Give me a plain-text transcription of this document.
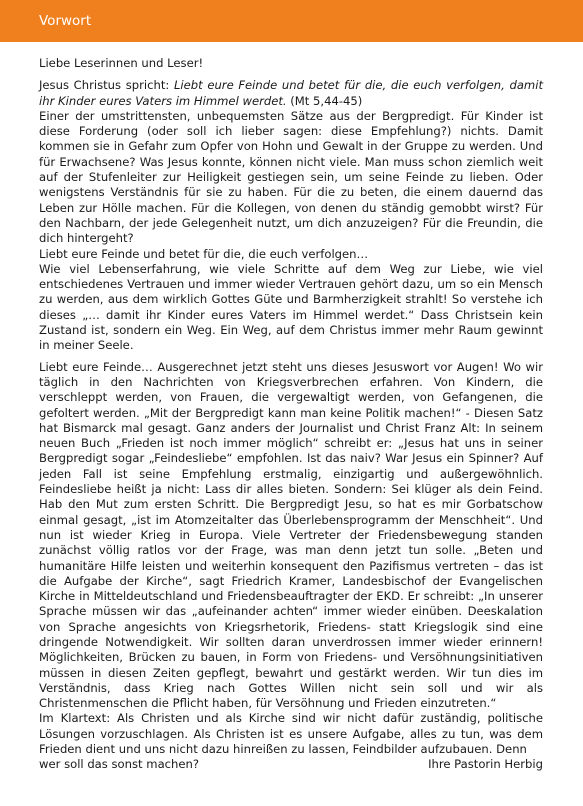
Vorwort

Liebe Leserinnen und Leser!

Jesus Christus spricht: Liebt eure Feinde und betet für die, die euch verfolgen, damit ihr Kinder eures Vaters im Himmel werdet. (Mt 5,44-45)

Einer der umstrittensten, unbequemsten Sätze aus der Bergpredigt. Für Kinder ist diese Forderung (oder soll ich lieber sagen: diese Empfehlung?) nichts. Damit kommen sie in Gefahr zum Opfer von Hohn und Gewalt in der Gruppe zu werden. Und für Erwachsene? Was Jesus konnte, können nicht viele. Man muss schon ziemlich weit auf der Stufenleiter zur Heiligkeit gestiegen sein, um seine Feinde zu lieben. Oder wenigstens Verständnis für sie zu haben. Für die zu beten, die einem dauernd das Leben zur Hölle machen. Für die Kollegen, von denen du ständig gemobbt wirst? Für den Nachbarn, der jede Gelegenheit nutzt, um dich anzuzeigen? Für die Freundin, die dich hintergeht?

Liebt eure Feinde und betet für die, die euch verfolgen…

Wie viel Lebenserfahrung, wie viele Schritte auf dem Weg zur Liebe, wie viel entschiedenes Vertrauen und immer wieder Vertrauen gehört dazu, um so ein Mensch zu werden, aus dem wirklich Gottes Güte und Barmherzigkeit strahlt! So verstehe ich dieses „… damit ihr Kinder eures Vaters im Himmel werdet.“ Dass Christsein kein Zustand ist, sondern ein Weg. Ein Weg, auf dem Christus immer mehr Raum gewinnt in meiner Seele.

Liebt eure Feinde… Ausgerechnet jetzt steht uns dieses Jesuswort vor Augen! Wo wir täglich in den Nachrichten von Kriegsverbrechen erfahren. Von Kindern, die verschleppt werden, von Frauen, die vergewaltigt werden, von Gefangenen, die gefoltert werden. „Mit der Bergpredigt kann man keine Politik machen!“ - Diesen Satz hat Bismarck mal gesagt. Ganz anders der Journalist und Christ Franz Alt: In seinem neuen Buch „Frieden ist noch immer möglich“ schreibt er: „Jesus hat uns in seiner Bergpredigt sogar „Feindesliebe“ empfohlen. Ist das naiv? War Jesus ein Spinner? Auf jeden Fall ist seine Empfehlung erstmalig, einzigartig und außergewöhnlich. Feindesliebe heißt ja nicht: Lass dir alles bieten. Sondern: Sei klüger als dein Feind. Hab den Mut zum ersten Schritt. Die Bergpredigt Jesu, so hat es mir Gorbatschow einmal gesagt, „ist im Atomzeitalter das Überlebensprogramm der Menschheit“. Und nun ist wieder Krieg in Europa. Viele Vertreter der Friedensbewegung standen zunächst völlig ratlos vor der Frage, was man denn jetzt tun solle. „Beten und humanitäre Hilfe leisten und weiterhin konsequent den Pazifismus vertreten – das ist die Aufgabe der Kirche“, sagt Friedrich Kramer, Landesbischof der Evangelischen Kirche in Mitteldeutschland und Friedensbeauftragter der EKD. Er schreibt: „In unserer Sprache müssen wir das „aufeinander achten“ immer wieder einüben. Deeskalation von Sprache angesichts von Kriegsrhetorik, Friedens- statt Kriegslogik sind eine dringende Notwendigkeit. Wir sollten daran unverdrossen immer wieder erinnern! Möglichkeiten, Brücken zu bauen, in Form von Friedens- und Versöhnungsinitiativen müssen in diesen Zeiten gepflegt, bewahrt und gestärkt werden. Wir tun dies im Verständnis, dass Krieg nach Gottes Willen nicht sein soll und wir als Christenmenschen die Pflicht haben, für Versöhnung und Frieden einzutreten.“

Im Klartext: Als Christen und als Kirche sind wir nicht dafür zuständig, politische Lösungen vorzuschlagen. Als Christen ist es unsere Aufgabe, alles zu tun, was dem Frieden dient und uns nicht dazu hinreißen zu lassen, Feindbilder aufzubauen. Denn

wer soll das sonst machen?	Ihre Pastorin Herbig
